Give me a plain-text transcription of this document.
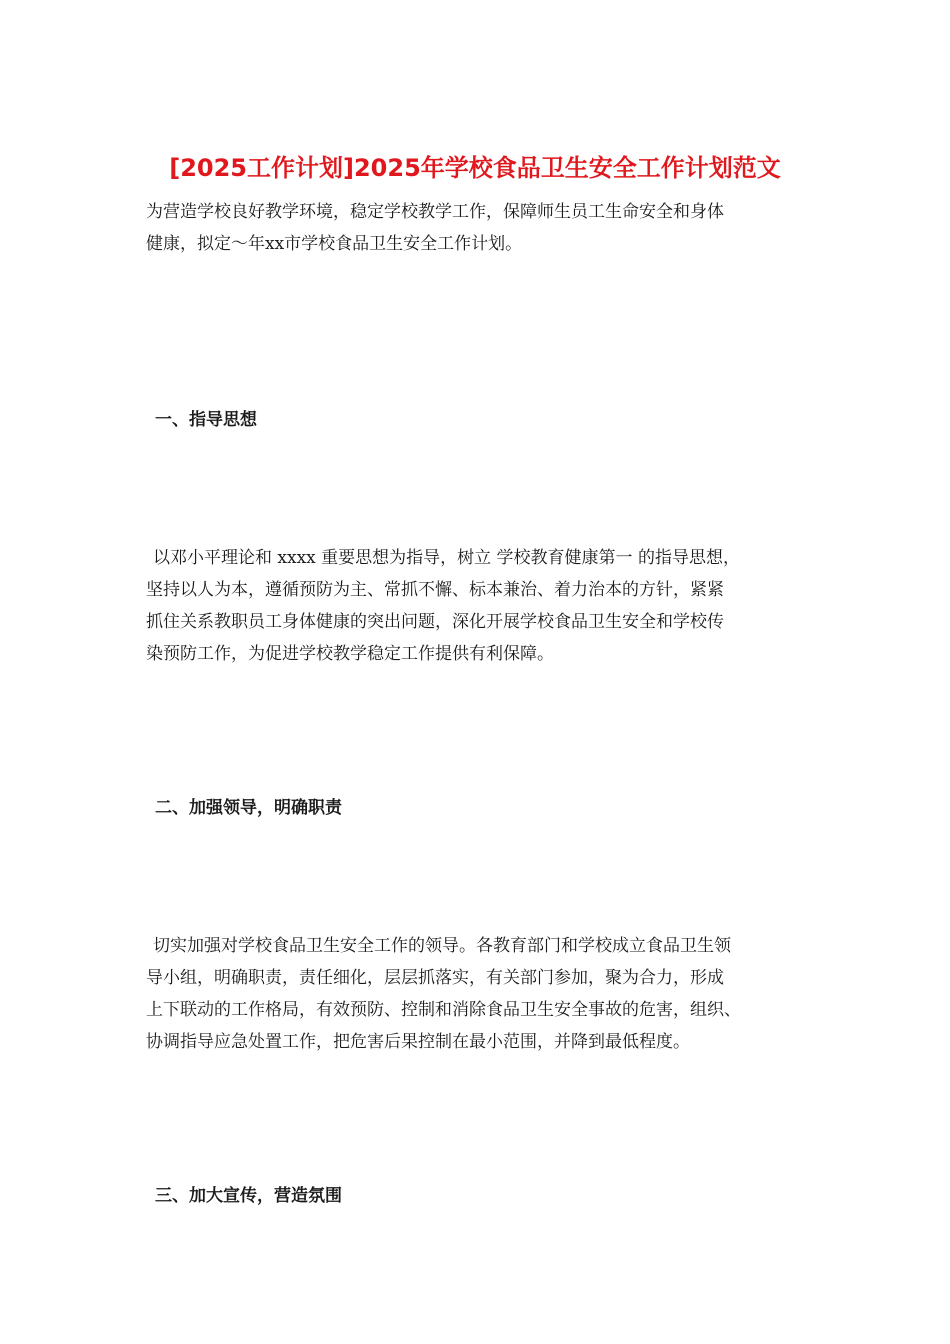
[2025工作计划]2025年学校食品卫生安全工作计划范文

为营造学校良好教学环境，稳定学校教学工作，保障师生员工生命安全和身体
健康，拟定～年xx市学校食品卫生安全工作计划。

一、指导思想

以邓小平理论和 xxxx 重要思想为指导，树立 学校教育健康第一 的指导思想，
坚持以人为本，遵循预防为主、常抓不懈、标本兼治、着力治本的方针，紧紧
抓住关系教职员工身体健康的突出问题，深化开展学校食品卫生安全和学校传
染预防工作，为促进学校教学稳定工作提供有利保障。

二、加强领导，明确职责

切实加强对学校食品卫生安全工作的领导。各教育部门和学校成立食品卫生领
导小组，明确职责，责任细化，层层抓落实，有关部门参加，聚为合力，形成
上下联动的工作格局，有效预防、控制和消除食品卫生安全事故的危害，组织、
协调指导应急处置工作，把危害后果控制在最小范围，并降到最低程度。

三、加大宣传，营造氛围
